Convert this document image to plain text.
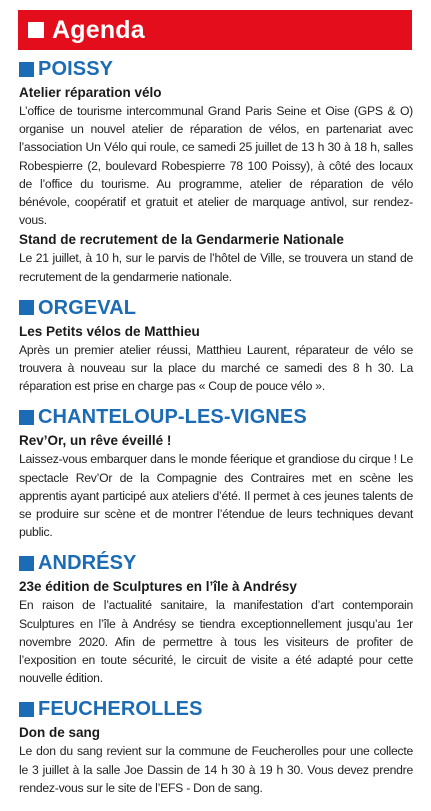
Agenda
POISSY
Atelier réparation vélo
L’office de tourisme intercommunal Grand Paris Seine et Oise (GPS & O) organise un nouvel atelier de réparation de vélos, en partenariat avec l’association Un Vélo qui roule, ce samedi 25 juillet de 13 h 30 à 18 h, salles Robespierre (2, boulevard Robespierre 78 100 Poissy), à côté des locaux de l’office du tourisme. Au programme, atelier de réparation de vélo bénévole, coopératif et gratuit et atelier de marquage antivol, sur rendez-vous.
Stand de recrutement de la Gendarmerie Nationale
Le 21 juillet, à 10 h, sur le parvis de l’hôtel de Ville, se trouvera un stand de recrutement de la gendarmerie nationale.
ORGEVAL
Les Petits vélos de Matthieu
Après un premier atelier réussi, Matthieu Laurent, réparateur de vélo se trouvera à nouveau sur la place du marché ce samedi des 8 h 30. La réparation est prise en charge pas « Coup de pouce vélo ».
CHANTELOUP-LES-VIGNES
Rev’Or, un rêve éveillé !
Laissez-vous embarquer dans le monde féerique et grandiose du cirque ! Le spectacle Rev’Or de la Compagnie des Contraires met en scène les apprentis ayant participé aux ateliers d’été. Il permet à ces jeunes talents de se produire sur scène et de montrer l’étendue de leurs techniques devant public.
ANDRÉSY
23e édition de Sculptures en l’île à Andrésy
En raison de l’actualité sanitaire, la manifestation d’art contemporain Sculptures en l’île à Andrésy se tiendra exceptionnellement jusqu’au 1er novembre 2020. Afin de permettre à tous les visiteurs de profiter de l’exposition en toute sécurité, le circuit de visite a été adapté pour cette nouvelle édition.
FEUCHEROLLES
Don de sang
Le don du sang revient sur la commune de Feucherolles pour une collecte le 3 juillet à la salle Joe Dassin de 14 h 30 à 19 h 30. Vous devez prendre rendez-vous sur le site de l’EFS - Don de sang.
